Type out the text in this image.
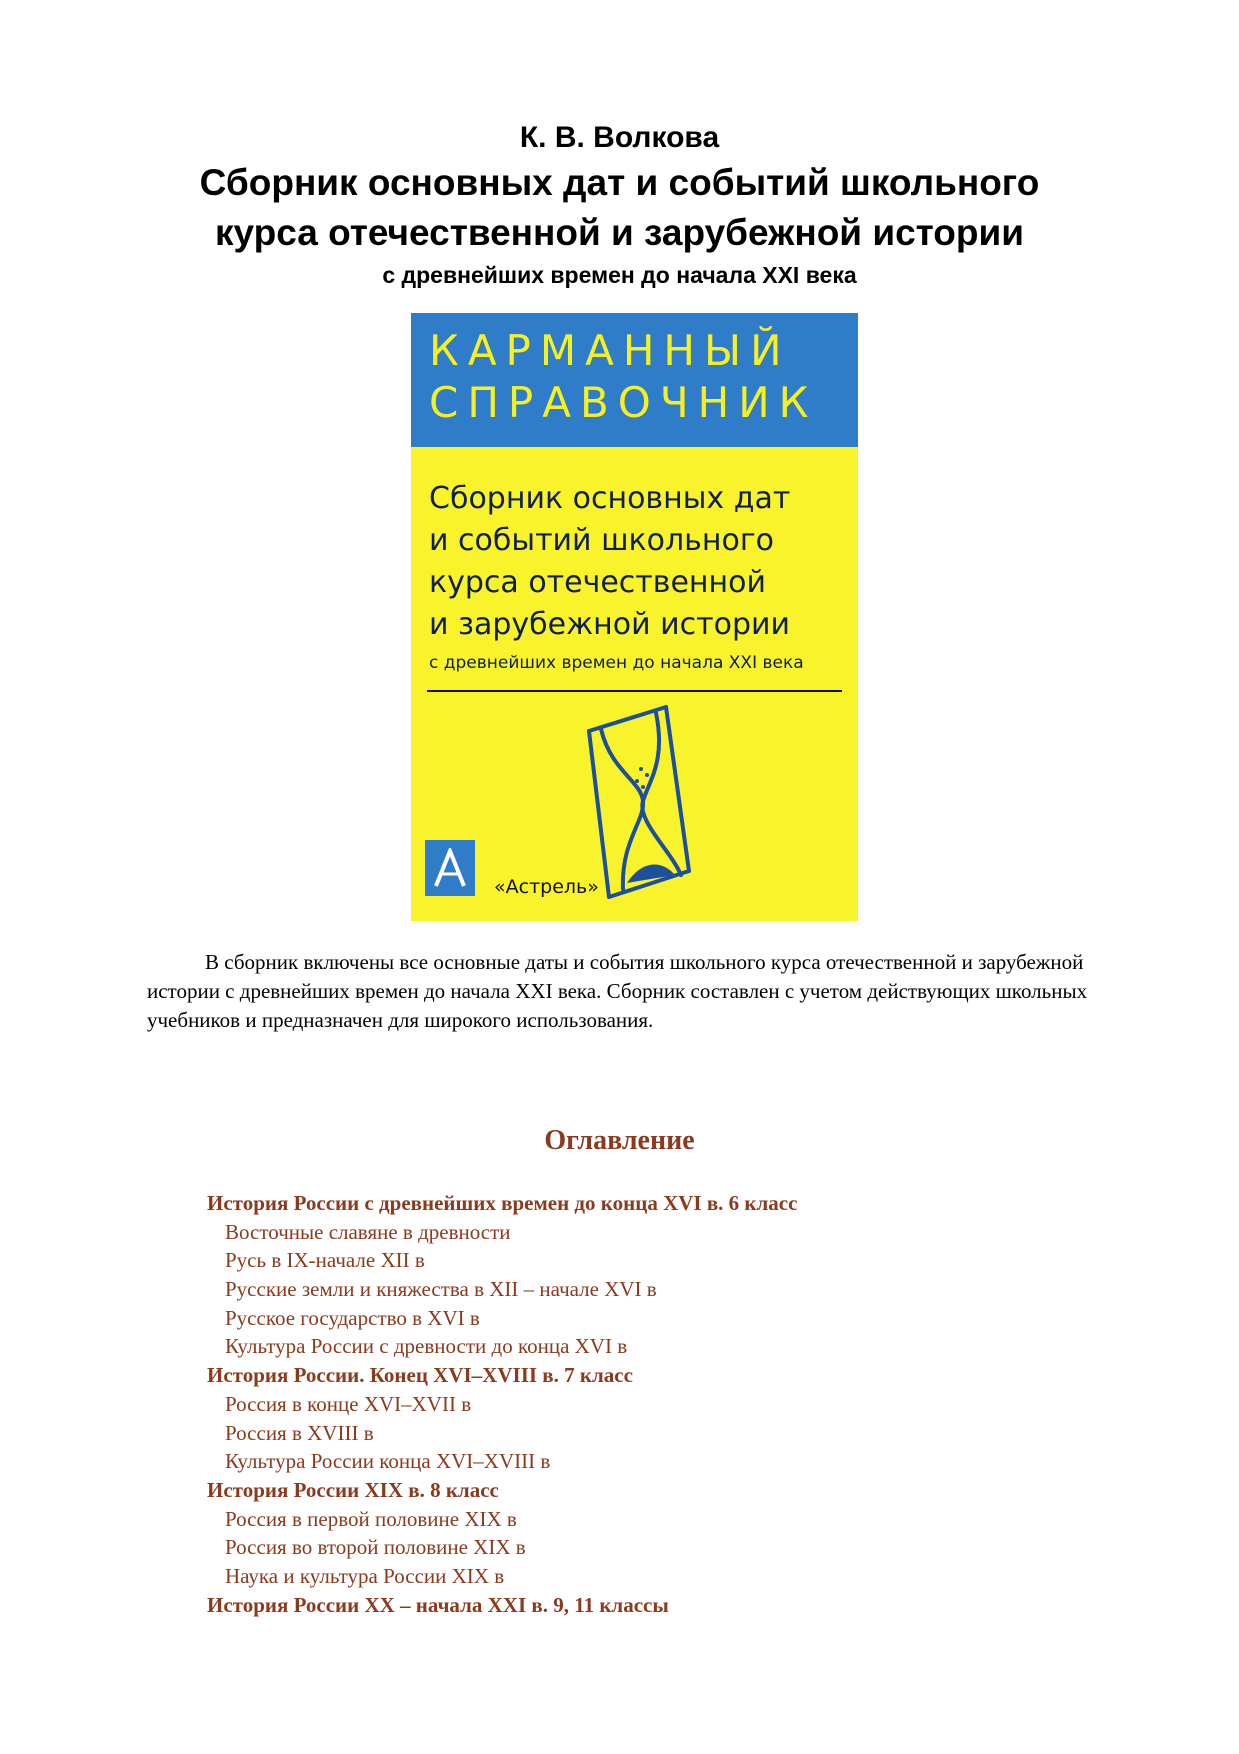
К. В. Волкова
Сборник основных дат и событий школьного
курса отечественной и зарубежной истории
с древнейших времен до начала XXI века
КАРМАННЫЙ
СПРАВОЧНИК
Сборник основных дат
и событий школьного
курса отечественной
и зарубежной истории
с древнейших времен до начала XXI века
«Астрель»

В сборник включены все основные даты и события школьного курса отечественной и зарубежной истории с древнейших времен до начала XXI века. Сборник составлен с учетом действующих школьных учебников и предназначен для широкого использования.

Оглавление
История России с древнейших времен до конца XVI в. 6 класс
Восточные славяне в древности
Русь в IX-начале XII в
Русские земли и княжества в XII – начале XVI в
Русское государство в XVI в
Культура России с древности до конца XVI в
История России. Конец XVI–XVIII в. 7 класс
Россия в конце XVI–XVII в
Россия в XVIII в
Культура России конца XVI–XVIII в
История России XIX в. 8 класс
Россия в первой половине XIX в
Россия во второй половине XIX в
Наука и культура России XIX в
История России XX – начала XXI в. 9, 11 классы
